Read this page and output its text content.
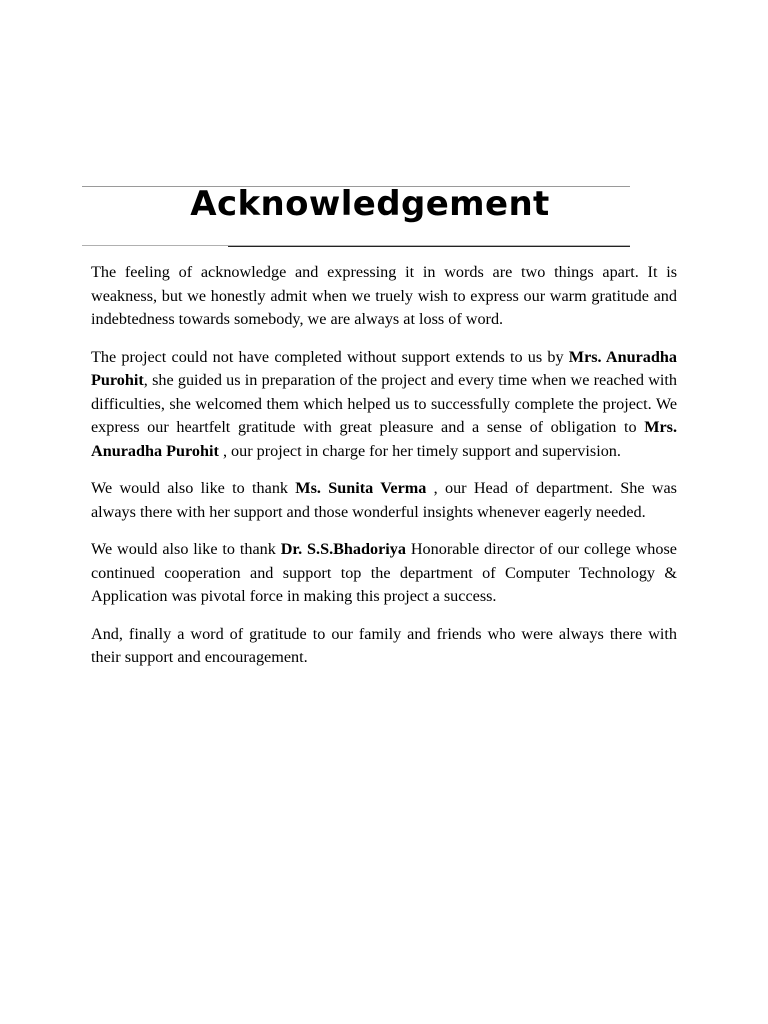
Acknowledgement

The feeling of acknowledge and expressing it in words are two things apart. It is weakness, but we honestly admit when we truely wish to express our warm gratitude and indebtedness towards somebody, we are always at loss of word.

The project could not have completed without support extends to us by Mrs. Anuradha Purohit, she guided us in preparation of the project and every time when we reached with difficulties, she welcomed them which helped us to successfully complete the project. We express our heartfelt gratitude with great pleasure and a sense of obligation to Mrs. Anuradha Purohit , our project in charge for her timely support and supervision.

We would also like to thank Ms. Sunita Verma , our Head of department. She was always there with her support and those wonderful insights whenever eagerly needed.

We would also like to thank Dr. S.S.Bhadoriya Honorable director of our college whose continued cooperation and support top the department of Computer Technology & Application was pivotal force in making this project a success.

And, finally a word of gratitude to our family and friends who were always there with their support and encouragement.
